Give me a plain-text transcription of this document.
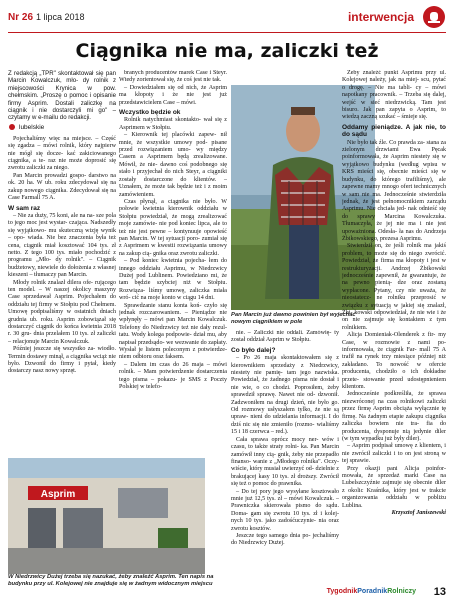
Nr 26 1 lipca 2018	interwencja
Ciągnika nie ma, zaliczki też

Z redakcją „TPR" skontaktował się pan Marcin Kowalczuk, mło- dy rolnik z miejscowości Krynica w pow. chełmskim. „Proszę o pomoc i opisanie firmy Asprim. Dostali zaliczkę na ciągnik i nie dostarczyli mi go" – czytamy w e-mailu do redakcji.

lubelskie

Pojechaliśmy więc na miejsce. – Część się zgadza – mówi rolnik, który najpierw nie mógł się docze- kać zakiciowanego ciągnika, a te- raz nie może doprosić się zwrotu zaliczki za niego.

Pan Marcin prowadzi gospo- darstwo na ok. 20 ha. W ub. roku zdecydował się na zakup nowego ciągnika. Zdecydował się na Case Farmall 75 A.

W sam raz

– Nie za duży, 75 koni, ale na na- sze pola to jego moc jest wystar- czająca. Nadszedły się wyjątkowo- mu skuteczną wizję wynik – opo- wiada. Nie bez znaczenia była też cena, ciągnik miał kosztować 104 tys. zł netto. Z tego 100 tys. miało pochodzić z programu „Mło- dy rolnik". – Ciągnik budżetowy, niewiele do dołożenia z własnej kieszeni – tłumaczy pan Marcin.

Młody rolnik znalazł dilera ofe- rującego ten model. – W naszej okolicy maszyny Case sprzedawał Asprim. Pojechałem do oddziału tej firmy w Stołpiu pod Chełmem. Umowę podpisaliśmy w ostatnich dniach grudnia ub. roku. Asprim zobowiązał się dostarczyć ciągnik do końca kwietnia 2018 r. 30 gru- dnia przelałem 10 tys. zł zaliczki – relacjonuje Marcin Kowalczuk.

Później jeszcze się wszystko za- wiodło. Termin dostawy minął, a ciągnika wciąż nie było. Dzwonił do firmy i pytał, kiedy dostarczy nasz nowy sprzęt.

branych producentów marek Case i Steyr. Wtedy zorientował się, że coś jest nie tak.

– Dowiedziałem się od nich, że Asprim ma kłopoty i że nie jest już przedstawicielem Case – mówi.

Wczystko będzie ok

Rolnik natychmiast skontakto- wał się z Asprimem w Stołpiu.

– Kierownik tej placówki zapew- nił mnie, że wszystkie umowy pod- pisane przed rozwiązaniem umo- wy między Casem a Asprimem będą zrealizowane. Mówił, że nie- dawno coś podobnego się stało i przyjechał do nich Steyr, a ciągniki zostały dostarczone do klientów. – Uznałem, że może tak będzie też i z moim zamówieniem.

Czas płynął, a ciągnika nie było. W połowie kwietnia kierownik oddziału w Stołpiu powiedział, że mogą zrealizować moje zamówie- nie pod koniec lipca, ale to też nie jest pewne – kontynuuje opowieść pan Marcin. W tej sytuacji poro- zumiał się z Asprimem w kwestii rozwiązania umowy na zakup cią- gnika oraz zwrotu zaliczki.

– Pod koniec kwietnia pojecha- łem do innego oddziału Asprimu, w Niedrzwicy Dużej pod Lublinem. Powiedziano mi, że tam będzie szybciej niż w Stołpiu. Rozwiąza- liśmy umowę, zaliczka miała wró- cić na moje konto w ciągu 14 dni.

Sprawdzanie stanu konta koń- czyło się jednak rozczarowaniem. – Pieniądze nie wpłynęły – mówi pan Marcin Kowalczuk. Telefony do Niedrzwicy też nie dały rezul- tatu. Wody kolega podpowie- dział mu, aby napisał przedsądo- we wezwanie do zapłaty. Wysłał je listem poleconym z potwierdze- niem odbioru oraz faksem.

– Dalem im czas do 26 maja – mówi rolnik. – Mam potwierdzenie dostarczenia tego pisma – pokazu- je SMS z Poczty Polskiej w telefo-

Pan Marcin już dawno powinien był wyjechać nowym ciągnikiem w pole

nie. – Zaliczki nie oddali. Zamówię- ty został oddział Asprim w Stołpiu.

Co było dalej?

– Po 26 maja skontaktowałem się z kierownikiem sprzedaży z Niedrzwicy, niestety nie pamię- tam jego nazwiska. Powiedział, że żadnego pisma nie dostał i nie wie, o co chodzi. Poprosiłem, żeby sprawdził sprawę. Nawet nie od- dzwonił. Zadzwoniłem na drugi dzień, nie było go. Od rozmowy usłyszałem tylko, że nie są upraw- nieni do udzielania informacji. I do dziś nic się nie zmieniło (rozmo- wialiśmy 15 i 18 czerwca – red.).

Cała sprawa oprócz mocy ner- wów i czasu, to także straty rolni- ka. Pan Marcin zamówił inny cią- gnik, żeby nie przepadło finanso- wanie z „Młodego rolnika". Oczy- wiście, który musiał uwierzyć od- dzielnie z brakującej kasy 10 tys. zł droższy. Zwrócił się też o pomoc do prawnika.

– Do tej pory jego wysyłane kosztowało mnie już 12,5 tys. zł – mówi Kowalczuk. – Prawniczka skierowała pismo do sądu. Doma- gam się zwrotu 10 tys. zł i kolej- nych 10 tys. jako zadośćuczynie- nia oraz zwrotu kosztów.

Jeszcze tego samego dnia po- jechaliśmy do Niedrzwicy Dużej.

Żeby znaleźć punkt Asprimu przy ul. Kolejowej należy, jak na miej- scu, pytać o drogę. – Nie ma tabli- cy – mówi napotkany pracownik. – Trzeba się dalej, wejść w sieć niedrzwicką. Tam jest bisuro. Jak pan zapyta o Asprim, to wiedzą zaczną szukać – śmieje się.

Oddamy pieniądze. A jak nie, to do sądu

Nie było tak źle. Co prawda za- stana za zielonym drzwiami Ewa Pęcak poinformowała, że Asprim niestety się w wyjątkowo budynku (według wpisu w KRS mieści się, obecnie mieści się w budynku, do którego trafiliśmy), ale zapewne mamy mnogo ofert technicznych w sam nie ma. Jednocześnie stwierdziła jednak, że jest pełnomocnikiem zarządu Asprimu. Nie chciała jed- nak odnieść się do sprawy Marcina Kowalczuka. Tłumaczyła, że jej nie ma i nie jest upoważniona. Odesła- ła nas do Andrzeja Żbikowskiego, prezesa Asprimu.

Stwierdził on, że jeśli rolnik ma jakiś problem, to może się do niego zwrócić. Powiedział, że firma ma kłopoty i jest w restrukturyzacji. Andrzej Żbikowski jednocześnie zapewnił, że gwarantuje, że na pewno pienią- dze oraz zostaną wypłacone. Pytany, czy nie uważa, że nieostatecz- ne rolniku przeprosić w związku z sytuacją w jakiej się znalazł, Żbi- kowski odpowiedział, że nie wie i że on nie zajmuje się kontaktem z tym rolnikiem.

Alicja Domieniak-Olenderek z fir- my Case, w rozmowie z nami po- informowała, że ciągnik Far- mall 75 A trafił na rynek trzy miesiące później niż zakładano. To nowość w ofercie producenta, chodziło o ich dokładne przete- stowanie przed udostępnieniem klientom.

Jednocześnie podkreśliła, że sprawa niezwróconej na czas rolnikowi zaliczki przez firmę Asprim obciąża wyłącznie tę firmę. Na żadnym etapie zakupu ciągnika zaliczka bowiem nie tra- fia do producenta, dysponuje nią jedynie diler (w tym wypadku już były diler).

– Asprim podpisał umowę z klientem, i nie zwrócił zaliczki i to on jest stroną w tej sprawie.

Przy okazji pani Alicja poinfor- mowała, że sprzedaż marki Case na Lubelszczyźnie zajmuje się obecnie diler z okolic Kraśnika, który jest w trakcie organizowania oddziału w pobliżu Lublina.

Krzysztof Janiszewski

Asprim
W Niedrzwicy Dużej trzeba się nazukać, żeby znaleźć Asprim. Ten napis na budynku przy ul. Kolejowej nie znajduje się w żadnym widocznym miejscu
TygodnikPoradnikRolniczy 13
